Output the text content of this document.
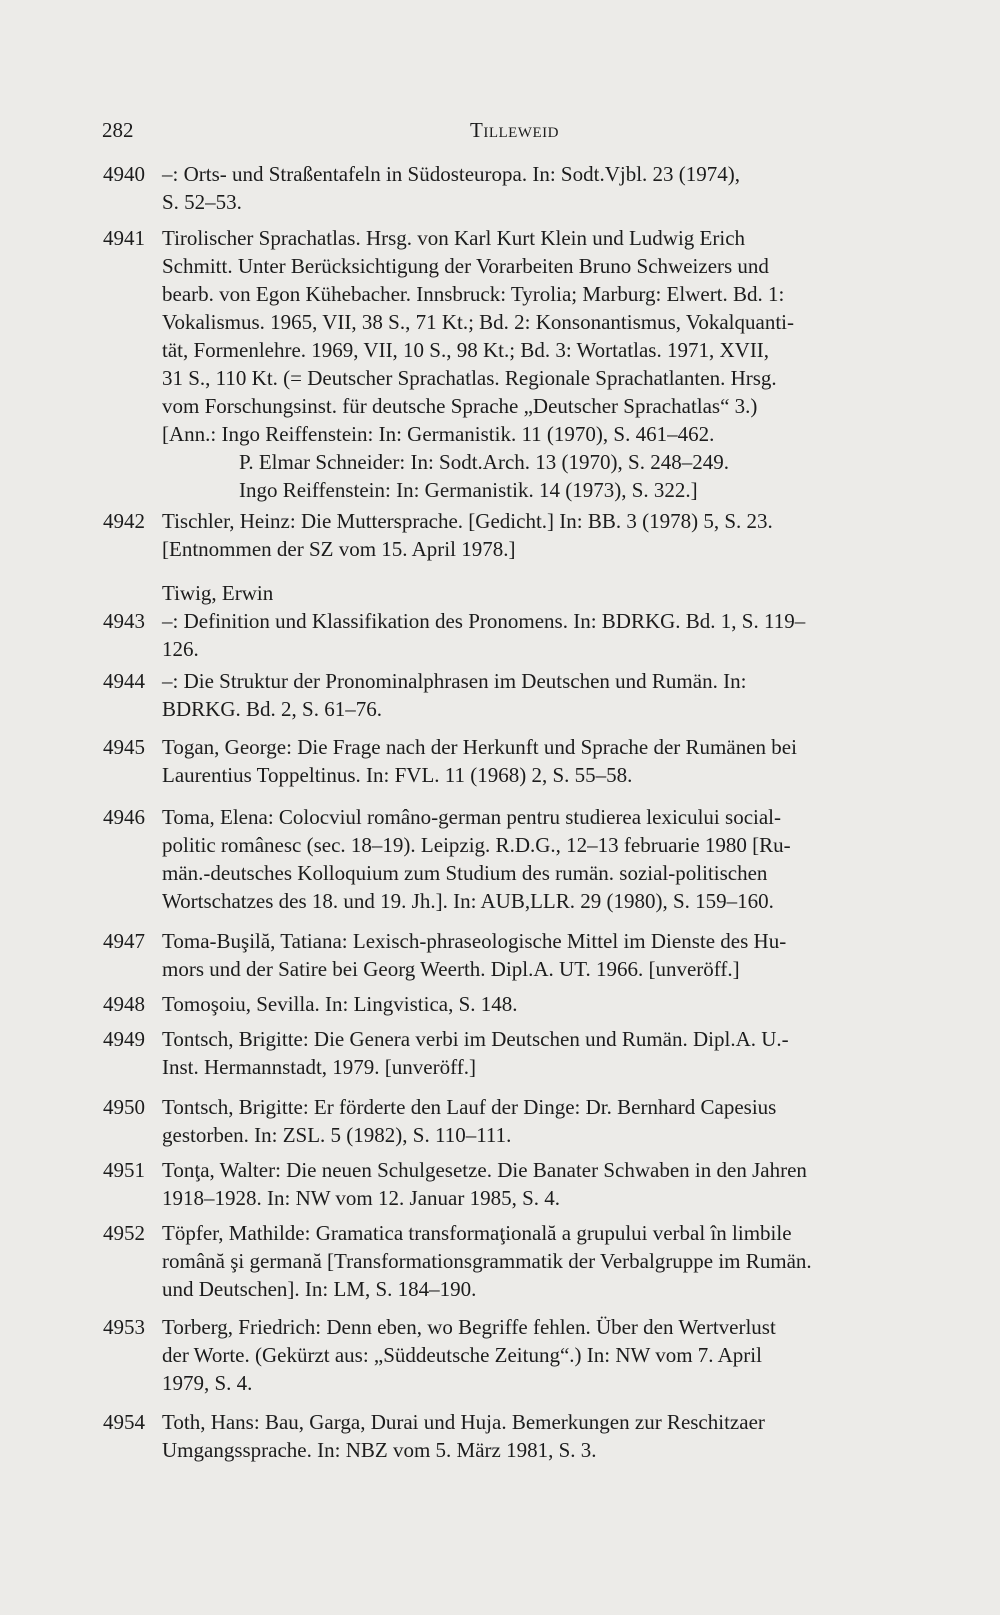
282	Tilleweid
4940 –: Orts- und Straßentafeln in Südosteuropa. In: Sodt.Vjbl. 23 (1974),
S. 52–53.
4941 Tirolischer Sprachatlas. Hrsg. von Karl Kurt Klein und Ludwig Erich
Schmitt. Unter Berücksichtigung der Vorarbeiten Bruno Schweizers und
bearb. von Egon Kühebacher. Innsbruck: Tyrolia; Marburg: Elwert. Bd. 1:
Vokalismus. 1965, VII, 38 S., 71 Kt.; Bd. 2: Konsonantismus, Vokalquanti-
tät, Formenlehre. 1969, VII, 10 S., 98 Kt.; Bd. 3: Wortatlas. 1971, XVII,
31 S., 110 Kt. (= Deutscher Sprachatlas. Regionale Sprachatlanten. Hrsg.
vom Forschungsinst. für deutsche Sprache „Deutscher Sprachatlas“ 3.)
[Ann.: Ingo Reiffenstein: In: Germanistik. 11 (1970), S. 461–462.
P. Elmar Schneider: In: Sodt.Arch. 13 (1970), S. 248–249.
Ingo Reiffenstein: In: Germanistik. 14 (1973), S. 322.]
4942 Tischler, Heinz: Die Muttersprache. [Gedicht.] In: BB. 3 (1978) 5, S. 23.
[Entnommen der SZ vom 15. April 1978.]
Tiwig, Erwin
4943 –: Definition und Klassifikation des Pronomens. In: BDRKG. Bd. 1, S. 119–
126.
4944 –: Die Struktur der Pronominalphrasen im Deutschen und Rumän. In:
BDRKG. Bd. 2, S. 61–76.
4945 Togan, George: Die Frage nach der Herkunft und Sprache der Rumänen bei
Laurentius Toppeltinus. In: FVL. 11 (1968) 2, S. 55–58.
4946 Toma, Elena: Colocviul româno-german pentru studierea lexicului social-
politic românesc (sec. 18–19). Leipzig. R.D.G., 12–13 februarie 1980 [Ru-
män.-deutsches Kolloquium zum Studium des rumän. sozial-politischen
Wortschatzes des 18. und 19. Jh.]. In: AUB,LLR. 29 (1980), S. 159–160.
4947 Toma-Buşilă, Tatiana: Lexisch-phraseologische Mittel im Dienste des Hu-
mors und der Satire bei Georg Weerth. Dipl.A. UT. 1966. [unveröff.]
4948 Tomoşoiu, Sevilla. In: Lingvistica, S. 148.
4949 Tontsch, Brigitte: Die Genera verbi im Deutschen und Rumän. Dipl.A. U.-
Inst. Hermannstadt, 1979. [unveröff.]
4950 Tontsch, Brigitte: Er förderte den Lauf der Dinge: Dr. Bernhard Capesius
gestorben. In: ZSL. 5 (1982), S. 110–111.
4951 Tonţa, Walter: Die neuen Schulgesetze. Die Banater Schwaben in den Jahren
1918–1928. In: NW vom 12. Januar 1985, S. 4.
4952 Töpfer, Mathilde: Gramatica transformaţională a grupului verbal în limbile
română şi germană [Transformationsgrammatik der Verbalgruppe im Rumän.
und Deutschen]. In: LM, S. 184–190.
4953 Torberg, Friedrich: Denn eben, wo Begriffe fehlen. Über den Wertverlust
der Worte. (Gekürzt aus: „Süddeutsche Zeitung“.) In: NW vom 7. April
1979, S. 4.
4954 Toth, Hans: Bau, Garga, Durai und Huja. Bemerkungen zur Reschitzaer
Umgangssprache. In: NBZ vom 5. März 1981, S. 3.
